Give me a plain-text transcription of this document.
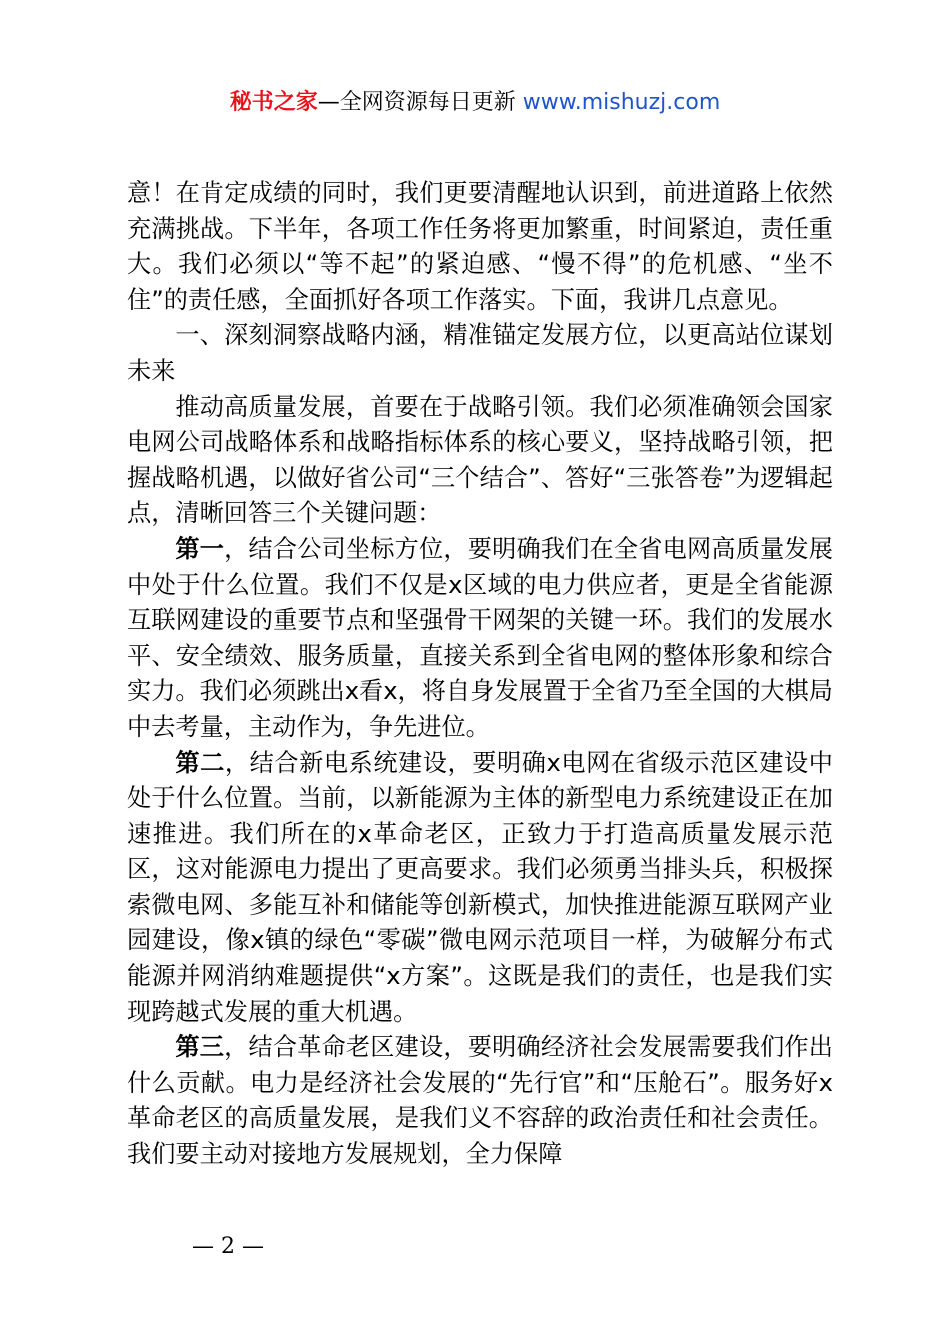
秘书之家—全网资源每日更新 www.mishuzj.com

意！在肯定成绩的同时，我们更要清醒地认识到，前进道路上依然充满挑战。下半年，各项工作任务将更加繁重，时间紧迫，责任重大。我们必须以“等不起”的紧迫感、“慢不得”的危机感、“坐不住”的责任感，全面抓好各项工作落实。下面，我讲几点意见。

一、深刻洞察战略内涵，精准锚定发展方位，以更高站位谋划未来

推动高质量发展，首要在于战略引领。我们必须准确领会国家电网公司战略体系和战略指标体系的核心要义，坚持战略引领，把握战略机遇，以做好省公司“三个结合”、答好“三张答卷”为逻辑起点，清晰回答三个关键问题：

第一，结合公司坐标方位，要明确我们在全省电网高质量发展中处于什么位置。我们不仅是x区域的电力供应者，更是全省能源互联网建设的重要节点和坚强骨干网架的关键一环。我们的发展水平、安全绩效、服务质量，直接关系到全省电网的整体形象和综合实力。我们必须跳出x看x，将自身发展置于全省乃至全国的大棋局中去考量，主动作为，争先进位。

第二，结合新电系统建设，要明确x电网在省级示范区建设中处于什么位置。当前，以新能源为主体的新型电力系统建设正在加速推进。我们所在的x革命老区，正致力于打造高质量发展示范区，这对能源电力提出了更高要求。我们必须勇当排头兵，积极探索微电网、多能互补和储能等创新模式，加快推进能源互联网产业园建设，像x镇的绿色“零碳”微电网示范项目一样，为破解分布式能源并网消纳难题提供“x方案”。这既是我们的责任，也是我们实现跨越式发展的重大机遇。

第三，结合革命老区建设，要明确经济社会发展需要我们作出什么贡献。电力是经济社会发展的“先行官”和“压舱石”。服务好x革命老区的高质量发展，是我们义不容辞的政治责任和社会责任。我们要主动对接地方发展规划，全力保障

— 2 —
